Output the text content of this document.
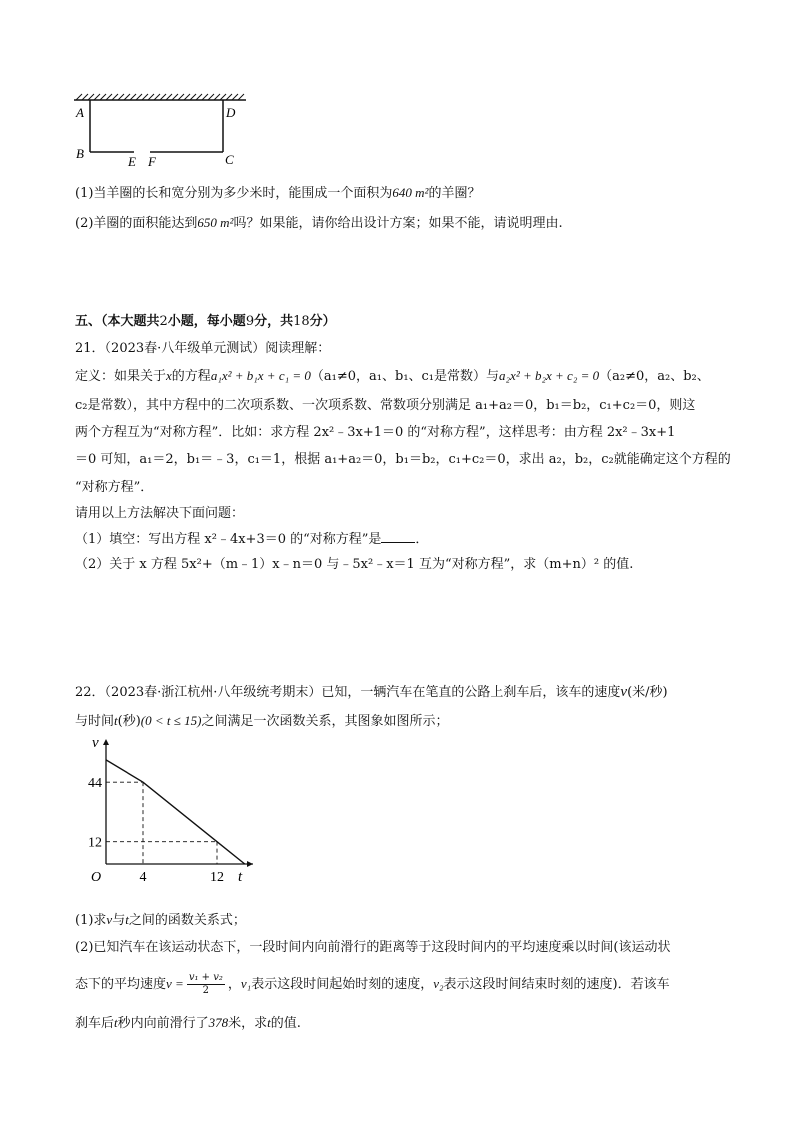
A	D
B
E F	C
(1)当羊圈的长和宽分别为多少米时，能围成一个面积为640 m²的羊圈？
(2)羊圈的面积能达到650 m²吗？如果能，请你给出设计方案；如果不能，请说明理由.
五、（本大题共2小题，每小题9分，共18分）
21．（2023春·八年级单元测试）阅读理解：
定义：如果关于x的方程a₁x² + b₁x + c₁ = 0（a₁≠0，a₁、b₁、c₁是常数）与a₂x² + b₂x + c₂ = 0（a₂≠0，a₂、b₂、
c₂是常数），其中方程中的二次项系数、一次项系数、常数项分别满足 a₁+a₂＝0，b₁＝b₂，c₁+c₂＝0，则这
两个方程互为“对称方程”．比如：求方程 2x²﹣3x+1＝0 的“对称方程”，这样思考：由方程 2x²﹣3x+1
＝0 可知，a₁＝2，b₁＝﹣3，c₁＝1，根据 a₁+a₂＝0，b₁＝b₂，c₁+c₂＝0，求出 a₂，b₂，c₂就能确定这个方程的
“对称方程”．
请用以上方法解决下面问题：
（1）填空：写出方程 x²﹣4x+3＝0 的“对称方程”是	．
（2）关于 x 方程 5x²+（m﹣1）x﹣n＝0 与﹣5x²﹣x＝1 互为“对称方程”，求（m+n）² 的值.
22．（2023春·浙江杭州·八年级统考期末）已知，一辆汽车在笔直的公路上刹车后，该车的速度v(米/秒)
与时间t(秒)(0 < t ≤ 15)之间满足一次函数关系，其图象如图所示；
t
v
O	4	12
44
12
(1)求v与t之间的函数关系式；
(2)已知汽车在该运动状态下，一段时间内向前滑行的距离等于这段时间内的平均速度乘以时间(该运动状
态下的平均速度$v = \frac{\text{v₁ + v₂}}{2}$ ，v₁表示这段时间起始时刻的速度，v₂表示这段时间结束时刻的速度)．若该车
刹车后t秒内向前滑行了378米，求t的值.
